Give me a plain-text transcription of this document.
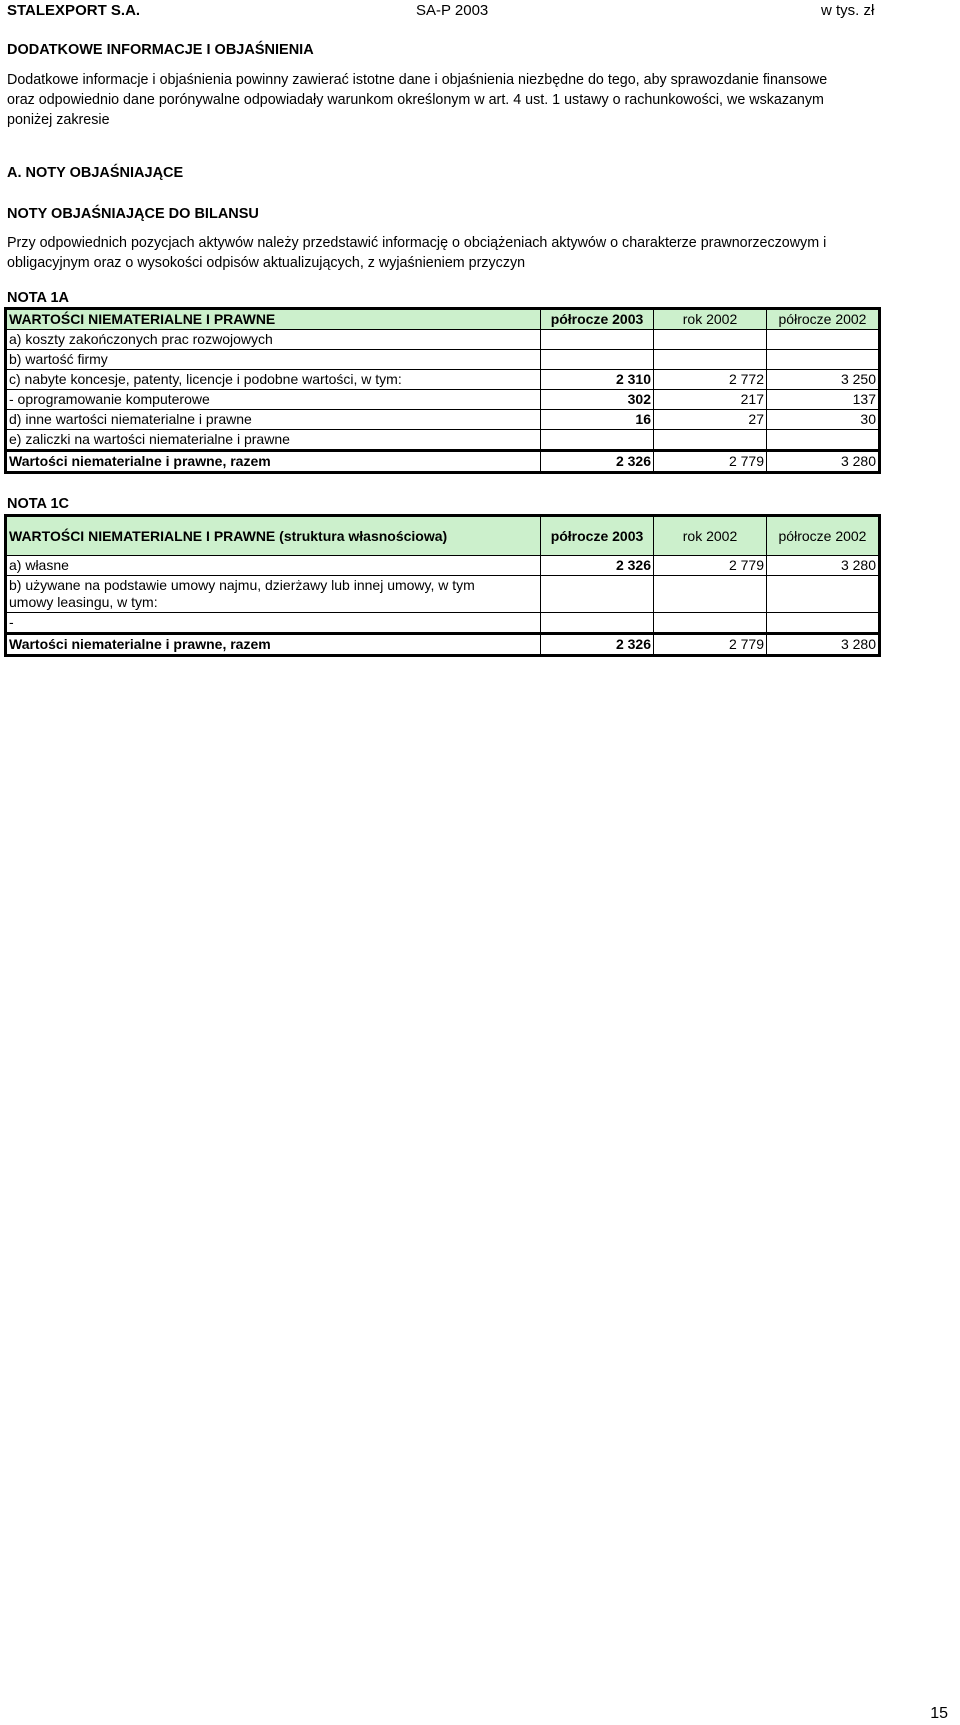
STALEXPORT S.A.	SA-P 2003	w tys. zł
DODATKOWE INFORMACJE I OBJAŚNIENIA
Dodatkowe informacje i objaśnienia powinny zawierać istotne dane i objaśnienia niezbędne do tego, aby sprawozdanie finansowe
oraz odpowiednio dane porónywalne odpowiadały warunkom określonym w art. 4 ust. 1 ustawy o rachunkowości, we wskazanym
poniżej zakresie
A. NOTY OBJAŚNIAJĄCE
NOTY OBJAŚNIAJĄCE DO BILANSU
Przy odpowiednich pozycjach aktywów należy przedstawić informację o obciążeniach aktywów o charakterze prawnorzeczowym i
obligacyjnym oraz o wysokości odpisów aktualizujących, z wyjaśnieniem przyczyn
NOTA 1A
WARTOŚCI NIEMATERIALNE I PRAWNE	półrocze 2003	rok 2002	półrocze 2002
a) koszty zakończonych prac rozwojowych			
b) wartość firmy			
c) nabyte koncesje, patenty, licencje i podobne wartości, w tym:	2 310	2 772	3 250
- oprogramowanie komputerowe	302	217	137
d) inne wartości niematerialne i prawne	16	27	30
e) zaliczki na wartości niematerialne i prawne			
Wartości niematerialne i prawne, razem	2 326	2 779	3 280
NOTA 1C
WARTOŚCI NIEMATERIALNE I PRAWNE (struktura własnościowa)	półrocze 2003	rok 2002	półrocze 2002
a) własne	2 326	2 779	3 280
b) używane na podstawie umowy najmu, dzierżawy lub innej umowy, w tym umowy leasingu, w tym:			
-			
Wartości niematerialne i prawne, razem	2 326	2 779	3 280
15
